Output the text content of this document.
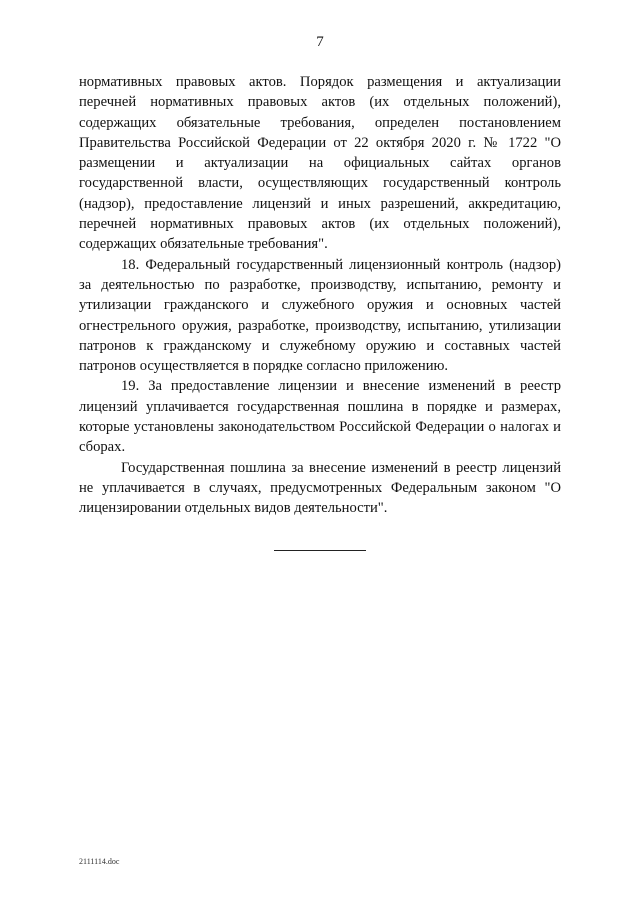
7

нормативных правовых актов. Порядок размещения и актуализации перечней нормативных правовых актов (их отдельных положений), содержащих обязательные требования, определен постановлением Правительства Российской Федерации от 22 октября 2020 г. № 1722 "О размещении и актуализации на официальных сайтах органов государственной власти, осуществляющих государственный контроль (надзор), предоставление лицензий и иных разрешений, аккредитацию, перечней нормативных правовых актов (их отдельных положений), содержащих обязательные требования".

18. Федеральный государственный лицензионный контроль (надзор) за деятельностью по разработке, производству, испытанию, ремонту и утилизации гражданского и служебного оружия и основных частей огнестрельного оружия, разработке, производству, испытанию, утилизации патронов к гражданскому и служебному оружию и составных частей патронов осуществляется в порядке согласно приложению.

19. За предоставление лицензии и внесение изменений в реестр лицензий уплачивается государственная пошлина в порядке и размерах, которые установлены законодательством Российской Федерации о налогах и сборах.

Государственная пошлина за внесение изменений в реестр лицензий не уплачивается в случаях, предусмотренных Федеральным законом "О лицензировании отдельных видов деятельности".

2111114.doc
